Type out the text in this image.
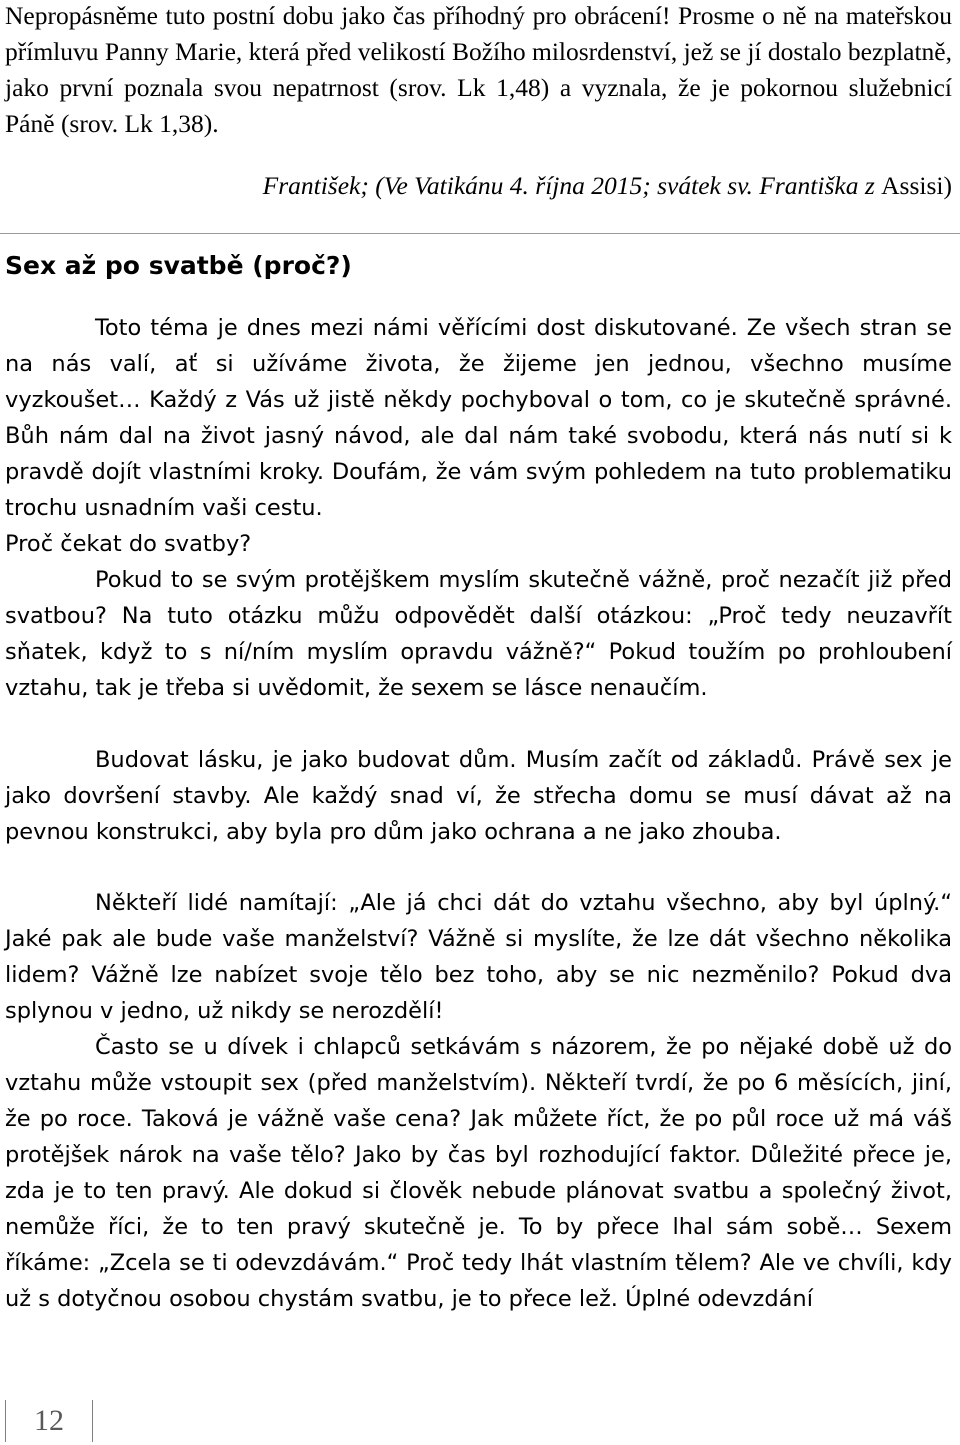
Nepropásněme tuto postní dobu jako čas příhodný pro obrácení! Prosme o ně na mateřskou přímluvu Panny Marie, která před velikostí Božího milosrdenství, jež se jí dostalo bezplatně, jako první poznala svou nepatrnost (srov. Lk 1,48) a vyznala, že je pokornou služebnicí Páně (srov. Lk 1,38).

František; (Ve Vatikánu 4. října 2015; svátek sv. Františka z Assisi)
Sex až po svatbě (proč?)

Toto téma je dnes mezi námi věřícími dost diskutované. Ze všech stran se na nás valí, ať si užíváme života, že žijeme jen jednou, všechno musíme vyzkoušet… Každý z Vás už jistě někdy pochyboval o tom, co je skutečně správné. Bůh nám dal na život jasný návod, ale dal nám také svobodu, která nás nutí si k pravdě dojít vlastními kroky. Doufám, že vám svým pohledem na tuto problematiku trochu usnadním vaši cestu.

Proč čekat do svatby?

Pokud to se svým protějškem myslím skutečně vážně, proč nezačít již před svatbou? Na tuto otázku můžu odpovědět další otázkou: „Proč tedy neuzavřít sňatek, když to s ní/ním myslím opravdu vážně?“ Pokud toužím po prohloubení vztahu, tak je třeba si uvědomit, že sexem se lásce nenaučím.

Budovat lásku, je jako budovat dům. Musím začít od základů. Právě sex je jako dovršení stavby. Ale každý snad ví, že střecha domu se musí dávat až na pevnou konstrukci, aby byla pro dům jako ochrana a ne jako zhouba.

Někteří lidé namítají: „Ale já chci dát do vztahu všechno, aby byl úplný.“ Jaké pak ale bude vaše manželství? Vážně si myslíte, že lze dát všechno několika lidem? Vážně lze nabízet svoje tělo bez toho, aby se nic nezměnilo? Pokud dva splynou v jedno, už nikdy se nerozdělí!

Často se u dívek i chlapců setkávám s názorem, že po nějaké době už do vztahu může vstoupit sex (před manželstvím). Někteří tvrdí, že po 6 měsících, jiní, že po roce. Taková je vážně vaše cena? Jak můžete říct, že po půl roce už má váš protějšek nárok na vaše tělo? Jako by čas byl rozhodující faktor. Důležité přece je, zda je to ten pravý. Ale dokud si člověk nebude plánovat svatbu a společný život, nemůže říci, že to ten pravý skutečně je. To by přece lhal sám sobě… Sexem říkáme: „Zcela se ti odevzdávám.“ Proč tedy lhát vlastním tělem? Ale ve chvíli, kdy už s dotyčnou osobou chystám svatbu, je to přece lež. Úplné odevzdání

12
